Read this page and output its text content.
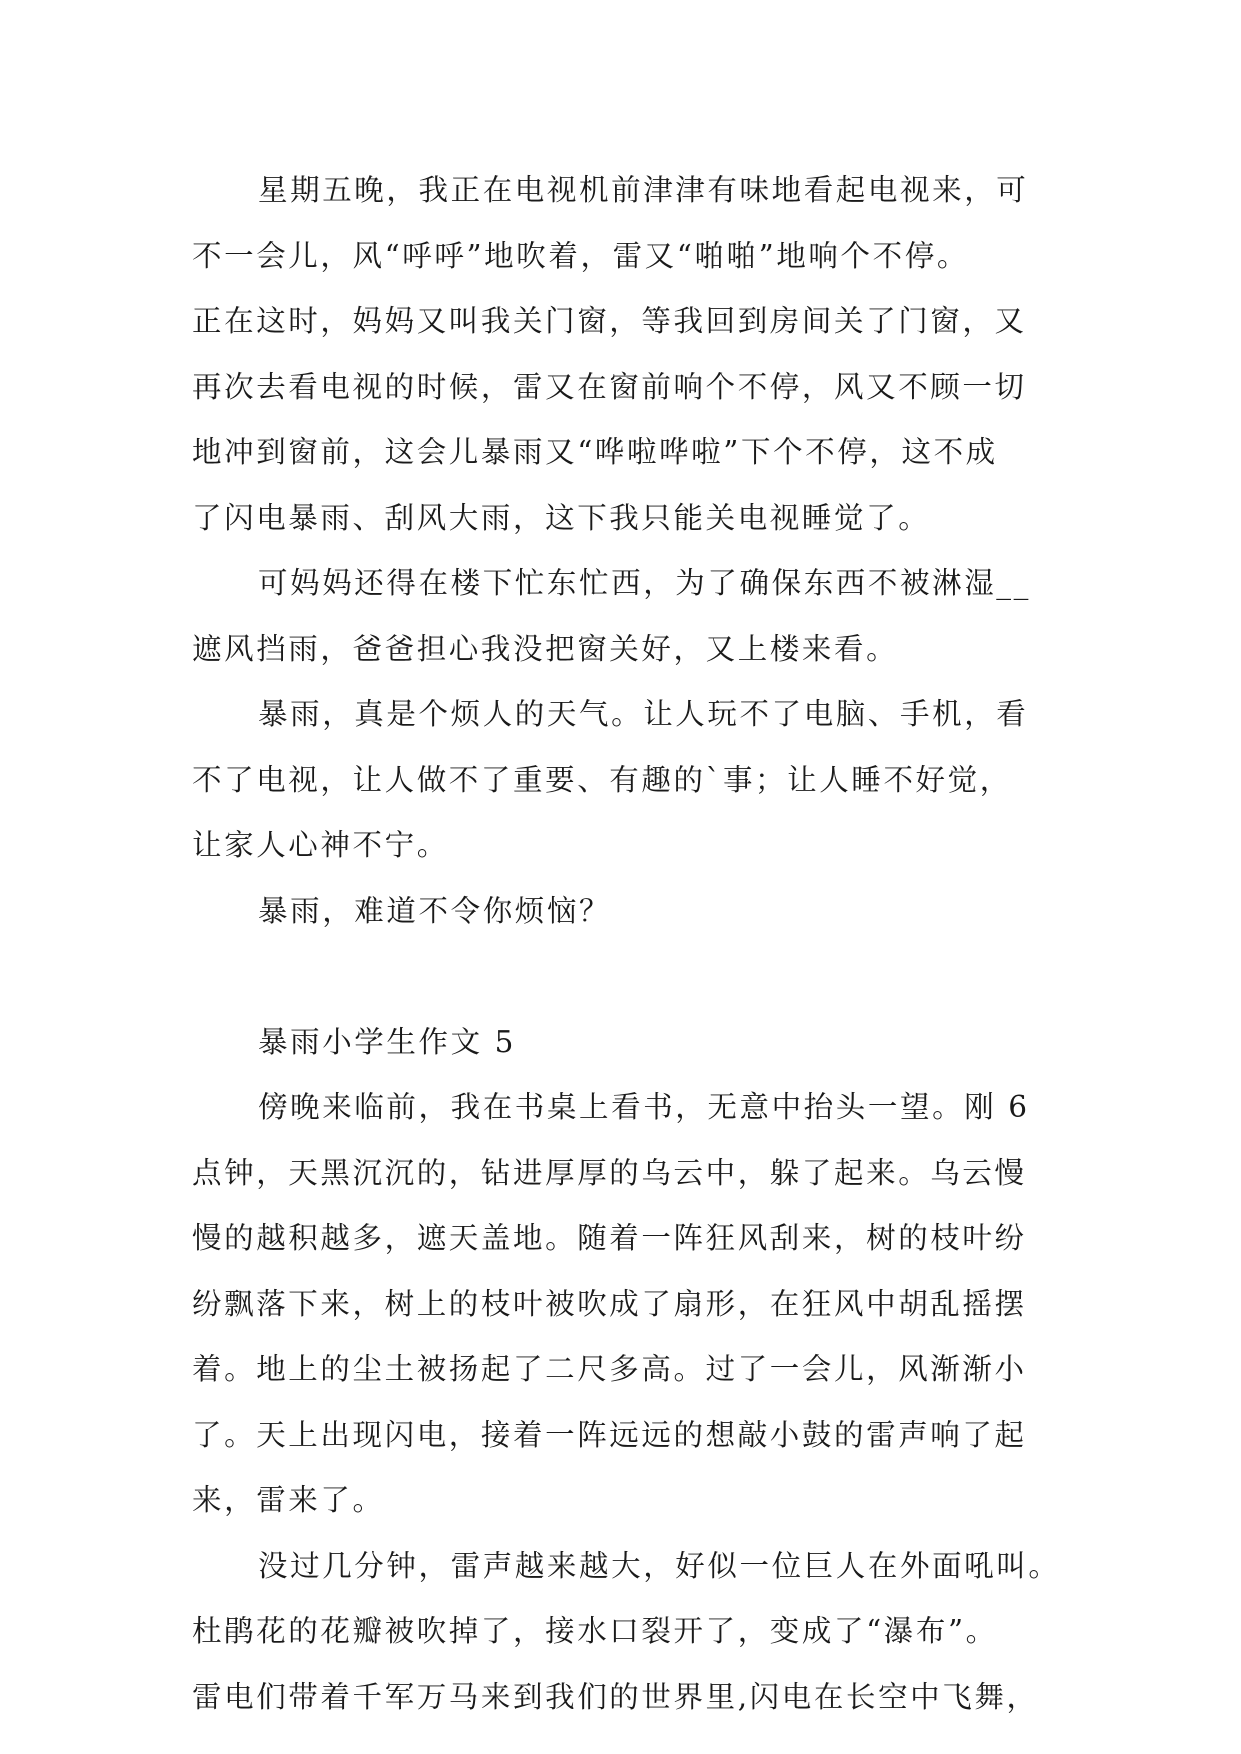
星期五晚，我正在电视机前津津有味地看起电视来，可
不一会儿，风“呼呼”地吹着，雷又“啪啪”地响个不停。
正在这时，妈妈又叫我关门窗，等我回到房间关了门窗，又
再次去看电视的时候，雷又在窗前响个不停，风又不顾一切
地冲到窗前，这会儿暴雨又“哗啦哗啦”下个不停，这不成
了闪电暴雨、刮风大雨，这下我只能关电视睡觉了。
可妈妈还得在楼下忙东忙西，为了确保东西不被淋湿__
遮风挡雨，爸爸担心我没把窗关好，又上楼来看。
暴雨，真是个烦人的天气。让人玩不了电脑、手机，看
不了电视，让人做不了重要、有趣的`事；让人睡不好觉，
让家人心神不宁。
暴雨，难道不令你烦恼？
暴雨小学生作文 5
傍晚来临前，我在书桌上看书，无意中抬头一望。刚 6
点钟，天黑沉沉的，钻进厚厚的乌云中，躲了起来。乌云慢
慢的越积越多，遮天盖地。随着一阵狂风刮来，树的枝叶纷
纷飘落下来，树上的枝叶被吹成了扇形，在狂风中胡乱摇摆
着。地上的尘土被扬起了二尺多高。过了一会儿，风渐渐小
了。天上出现闪电，接着一阵远远的想敲小鼓的雷声响了起
来，雷来了。
没过几分钟，雷声越来越大，好似一位巨人在外面吼叫。
杜鹃花的花瓣被吹掉了，接水口裂开了，变成了“瀑布”。
雷电们带着千军万马来到我们的世界里,闪电在长空中飞舞，
